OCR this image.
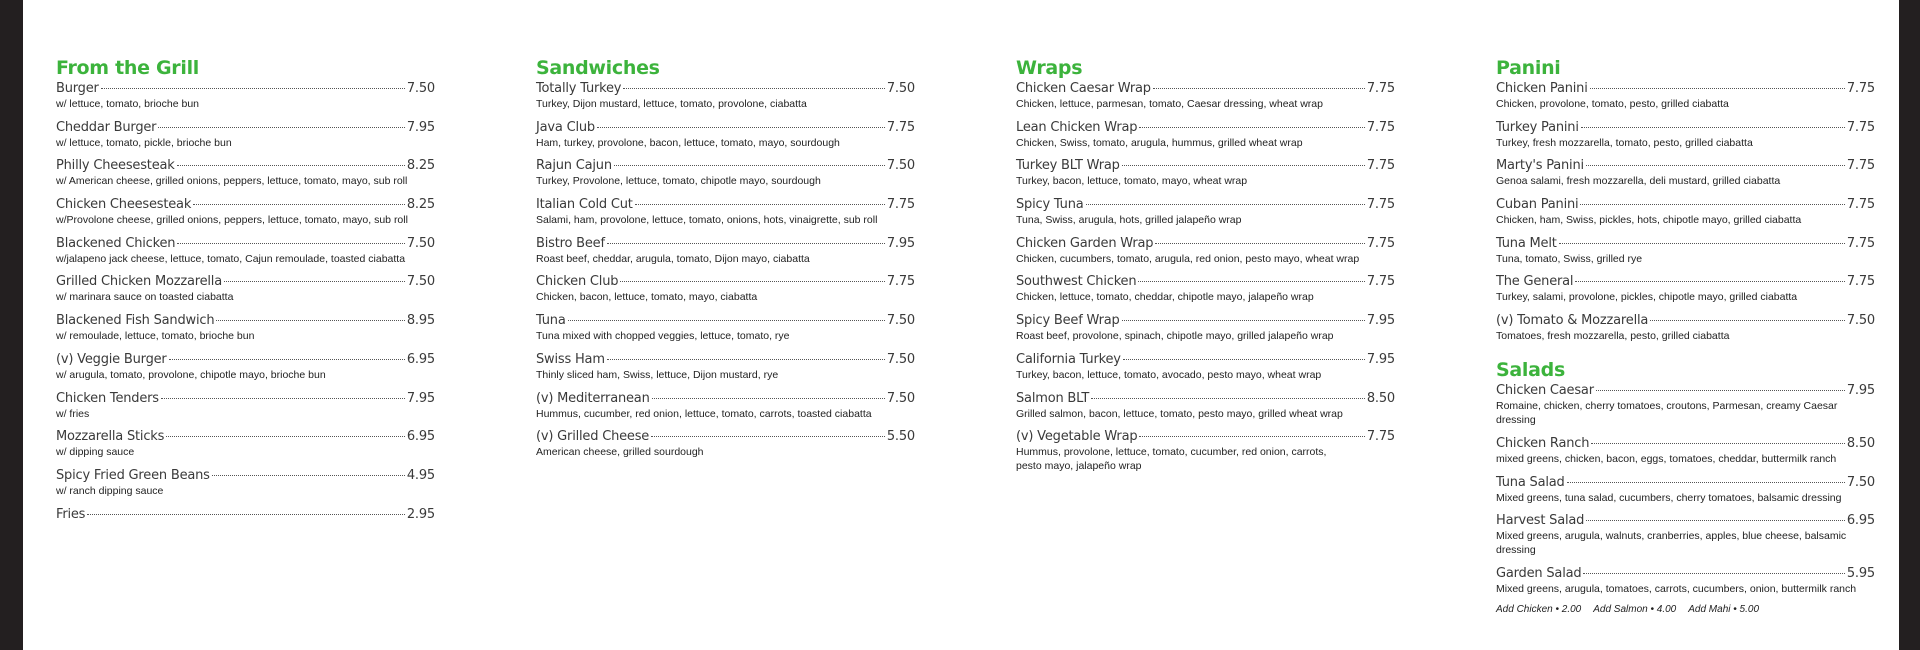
From the Grill
Burger	7.50
w/ lettuce, tomato, brioche bun
Cheddar Burger	7.95
w/ lettuce, tomato, pickle, brioche bun
Philly Cheesesteak	8.25
w/ American cheese, grilled onions, peppers, lettuce, tomato, mayo, sub roll
Chicken Cheesesteak	8.25
w/Provolone cheese, grilled onions, peppers, lettuce, tomato, mayo, sub roll
Blackened Chicken	7.50
w/jalapeno jack cheese, lettuce, tomato, Cajun remoulade, toasted ciabatta
Grilled Chicken Mozzarella	7.50
w/ marinara sauce on toasted ciabatta
Blackened Fish Sandwich	8.95
w/ remoulade, lettuce, tomato, brioche bun
(v) Veggie Burger	6.95
w/ arugula, tomato, provolone, chipotle mayo, brioche bun
Chicken Tenders	7.95
w/ fries
Mozzarella Sticks	6.95
w/ dipping sauce
Spicy Fried Green Beans	4.95
w/ ranch dipping sauce
Fries	2.95
Sandwiches
Totally Turkey	7.50
Turkey, Dijon mustard, lettuce, tomato, provolone, ciabatta
Java Club	7.75
Ham, turkey, provolone, bacon, lettuce, tomato, mayo, sourdough
Rajun Cajun	7.50
Turkey, Provolone, lettuce, tomato, chipotle mayo, sourdough
Italian Cold Cut	7.75
Salami, ham, provolone, lettuce, tomato, onions, hots, vinaigrette, sub roll
Bistro Beef	7.95
Roast beef, cheddar, arugula, tomato, Dijon mayo, ciabatta
Chicken Club	7.75
Chicken, bacon, lettuce, tomato, mayo, ciabatta
Tuna	7.50
Tuna mixed with chopped veggies, lettuce, tomato, rye
Swiss Ham	7.50
Thinly sliced ham, Swiss, lettuce, Dijon mustard, rye
(v) Mediterranean	7.50
Hummus, cucumber, red onion, lettuce, tomato, carrots, toasted ciabatta
(v) Grilled Cheese	5.50
American cheese, grilled sourdough
Wraps
Chicken Caesar Wrap	7.75
Chicken, lettuce, parmesan, tomato, Caesar dressing, wheat wrap
Lean Chicken Wrap	7.75
Chicken, Swiss, tomato, arugula, hummus, grilled wheat wrap
Turkey BLT Wrap	7.75
Turkey, bacon, lettuce, tomato, mayo, wheat wrap
Spicy Tuna	7.75
Tuna, Swiss, arugula, hots, grilled jalapeño wrap
Chicken Garden Wrap	7.75
Chicken, cucumbers, tomato, arugula, red onion, pesto mayo, wheat wrap
Southwest Chicken	7.75
Chicken, lettuce, tomato, cheddar, chipotle mayo, jalapeño wrap
Spicy Beef Wrap	7.95
Roast beef, provolone, spinach, chipotle mayo, grilled jalapeño wrap
California Turkey	7.95
Turkey, bacon, lettuce, tomato, avocado, pesto mayo, wheat wrap
Salmon BLT	8.50
Grilled salmon, bacon, lettuce, tomato, pesto mayo, grilled wheat wrap
(v) Vegetable Wrap	7.75
Hummus, provolone, lettuce, tomato, cucumber, red onion, carrots,
pesto mayo, jalapeño wrap
Panini
Chicken Panini	7.75
Chicken, provolone, tomato, pesto, grilled ciabatta
Turkey Panini	7.75
Turkey, fresh mozzarella, tomato, pesto, grilled ciabatta
Marty's Panini	7.75
Genoa salami, fresh mozzarella, deli mustard, grilled ciabatta
Cuban Panini	7.75
Chicken, ham, Swiss, pickles, hots, chipotle mayo, grilled ciabatta
Tuna Melt	7.75
Tuna, tomato, Swiss, grilled rye
The General	7.75
Turkey, salami, provolone, pickles, chipotle mayo, grilled ciabatta
(v) Tomato & Mozzarella	7.50
Tomatoes, fresh mozzarella, pesto, grilled ciabatta
Salads
Chicken Caesar	7.95
Romaine, chicken, cherry tomatoes, croutons, Parmesan, creamy Caesar dressing
Chicken Ranch	8.50
mixed greens, chicken, bacon, eggs, tomatoes, cheddar, buttermilk ranch
Tuna Salad	7.50
Mixed greens, tuna salad, cucumbers, cherry tomatoes, balsamic dressing
Harvest Salad	6.95
Mixed greens, arugula, walnuts, cranberries, apples, blue cheese, balsamic dressing
Garden Salad	5.95
Mixed greens, arugula, tomatoes, carrots, cucumbers, onion, buttermilk ranch
Add Chicken • 2.00 Add Salmon • 4.00 Add Mahi • 5.00
